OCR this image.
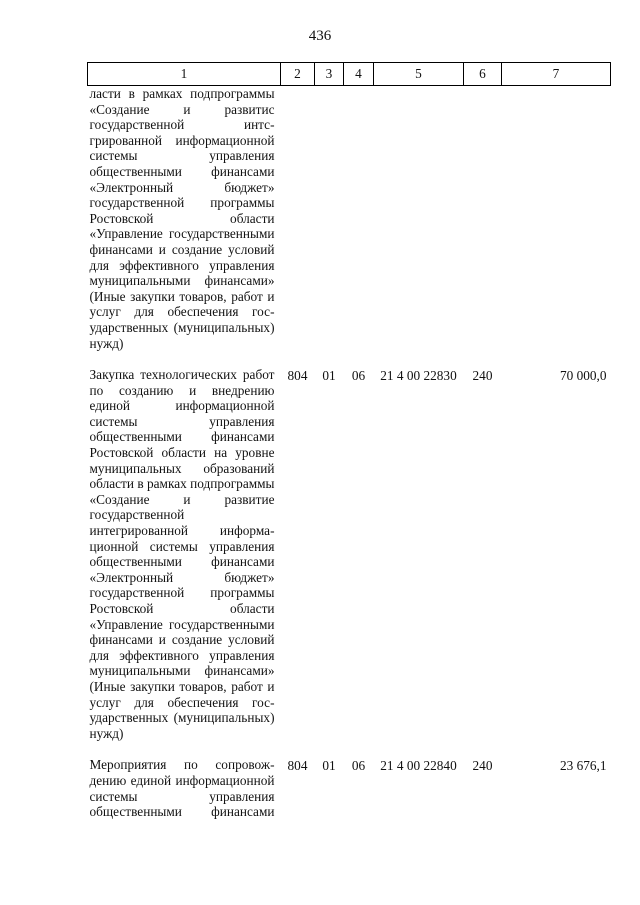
436
1	2	3	4	5	6	7

ласти в рамках подпрограммы «Создание и развитис государственной интсгрированной информационной системы управления общественными финансами «Электронный бюджет» государственной программы Ростовской области «Управление государственными финансами и создание условий для эффективного управления муниципальными финансами» (Иные закупки товаров, работ и услуг для обеспечения государственных (муниципальных) нужд)						

Закупка технологических работ по созданию и внедрению единой информационной системы управления общественными финансами Ростовской области на уровне муниципальных образований области в рамках подпрограммы «Создание и развитие государственной интегрированной информационной системы управления общественными финансами «Электронный бюджет» государственной программы Ростовской области «Управление государственными финансами и создание условий для эффективного управления муниципальными финансами» (Иные закупки товаров, работ и услуг для обеспечения государственных (муниципальных) нужд)	804	01	06	21 4 00 22830	240	70 000,0

Мероприятия по сопровождению единой информационной системы управления общественными финансами	804	01	06	21 4 00 22840	240	23 676,1
